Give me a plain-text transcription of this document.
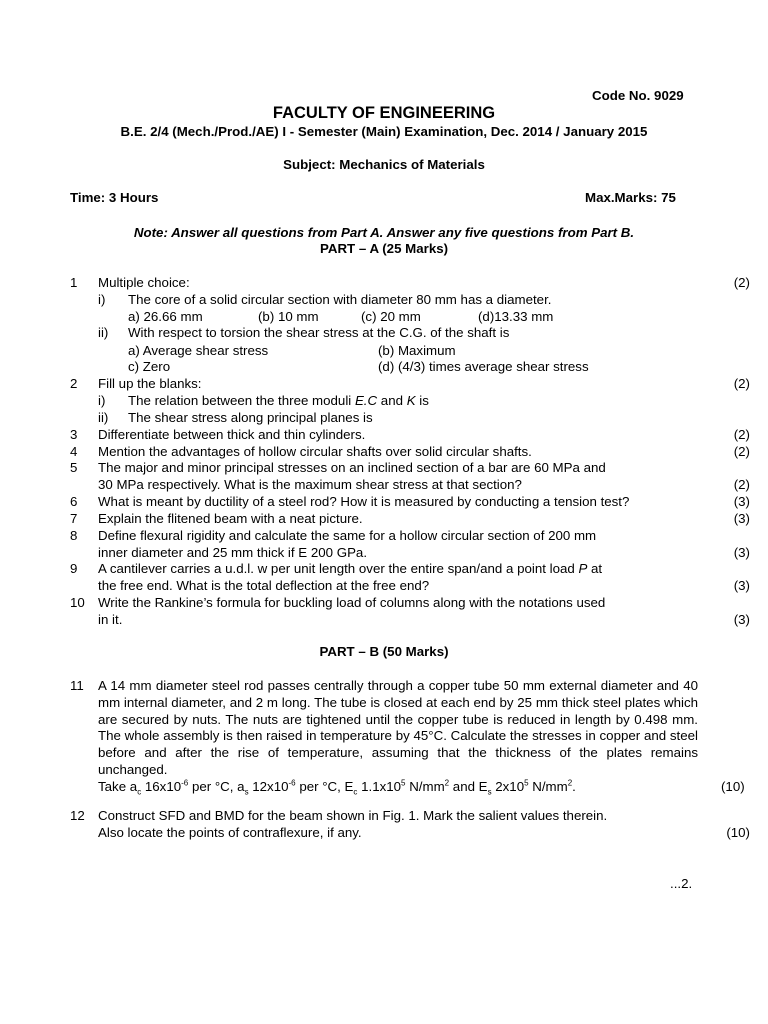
Code No. 9029
FACULTY OF ENGINEERING
B.E. 2/4 (Mech./Prod./AE) I - Semester (Main) Examination, Dec. 2014 / January 2015
Subject: Mechanics of Materials
Time: 3 Hours	Max.Marks: 75
Note: Answer all questions from Part A. Answer any five questions from Part B.
PART – A (25 Marks)
1 Multiple choice:	(2)
i) The core of a solid circular section with diameter 80 mm has a diameter.
a) 26.66 mm	(b) 10 mm	(c) 20 mm	(d)13.33 mm
ii) With respect to torsion the shear stress at the C.G. of the shaft is
a) Average shear stress	(b) Maximum
c) Zero	(d) (4/3) times average shear stress
2 Fill up the blanks:	(2)
i) The relation between the three moduli E.C and K is
ii) The shear stress along principal planes is
3 Differentiate between thick and thin cylinders.	(2)
4 Mention the advantages of hollow circular shafts over solid circular shafts.	(2)
5 The major and minor principal stresses on an inclined section of a bar are 60 MPa and
30 MPa respectively. What is the maximum shear stress at that section?	(2)
6 What is meant by ductility of a steel rod? How it is measured by conducting a tension test?	(3)
7 Explain the flitened beam with a neat picture.	(3)
8 Define flexural rigidity and calculate the same for a hollow circular section of 200 mm
inner diameter and 25 mm thick if E 200 GPa.	(3)
9 A cantilever carries a u.d.l. w per unit length over the entire span/and a point load P at
the free end. What is the total deflection at the free end?	(3)
10 Write the Rankine’s formula for buckling load of columns along with the notations used
in it.	(3)
PART – B (50 Marks)
11 A 14 mm diameter steel rod passes centrally through a copper tube 50 mm external diameter and 40 mm internal diameter, and 2 m long. The tube is closed at each end by 25 mm thick steel plates which are secured by nuts. The nuts are tightened until the copper tube is reduced in length by 0.498 mm. The whole assembly is then raised in temperature by 45°C. Calculate the stresses in copper and steel before and after the rise of temperature, assuming that the thickness of the plates remains unchanged.
Take $a_c$ $16x10^{-6}$ per °C, $a_s$ $12x10^{-6}$ per °C, $E_c$ $1.1x10^5$ $N/mm^2$ and $E_s$ $2x10^5$ $N/mm^2$.	(10)
12 Construct SFD and BMD for the beam shown in Fig. 1. Mark the salient values therein.
Also locate the points of contraflexure, if any.	(10)
...2.
